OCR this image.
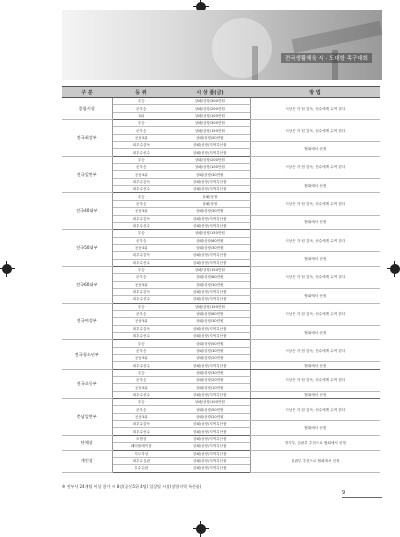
전국생활체육 시 · 도대항 족구대회
구 분	등 위	시 상 품(금)	방 법
종합시상	우승	상패/상장/300만원	시상은 각 팀 감독, 선수에게 수여 한다
	준우승	상패/상장/200만원	
	3위	상패/상장/100만원	
전국최강부	우승	상패/상장/300만원	시상은 각 팀 감독, 선수에게 수여 한다
	준우승	상패/상장/150만원	
	공동3위	상패/상장/50만원	
	최우수감독	상패/상장/지역특산품	협회에서 선정
	최우수선수	상패/상장/지역특산품	
전국일반부	우승	상패/상장/200만원	시상은 각 팀 감독, 선수에게 수여 한다
	준우승	상패/상장/100만원	
	공동3위	상패/상장/30만원	
	최우수감독	상패/상장/지역특산품	협회에서 선정
	최우수선수	상패/상장/지역특산품	
전국40대부	우승	상패/상장	시상은 각 팀 감독, 선수에게 수여 한다
	준우승	상패/상장	
	공동3위	상패/상장/30만원	
	최우수감독	상패/상장/지역특산품	협회에서 선정
	최우수선수	상패/상장/지역특산품	
전국50대부	우승	상패/상장/150만원	시상은 각 팀 감독, 선수에게 수여 한다
	준우승	상패/상장/80만원	
	공동3위	상패/상장/30만원	
	최우수감독	상패/상장/지역특산품	협회에서 선정
	최우수선수	상패/상장/지역특산품	
전국60대부	우승	상패/상장/150만원	시상은 각 팀 감독, 선수에게 수여 한다
	준우승	상패/상장/80만원	
	공동3위	상패/상장/30만원	
	최우수감독	상패/상장/지역특산품	협회에서 선정
	최우수선수	상패/상장/지역특산품	
전국여성부	우승	상패/상장/150만원	시상은 각 팀 감독, 선수에게 수여 한다
	준우승	상패/상장/80만원	
	공동3위	상패/상장/30만원	
	최우수감독	상패/상장/지역특산품	협회에서 선정
	최우수선수	상패/상장/지역특산품	
전국청소년부	우승	상패/상장/50만원	시상은 각 팀 감독, 선수에게 수여 한다
	준우승	상패/상장/30만원	
	공동3위	상패/상장/20만원	
	최우수선수	상패/상장/지역특산품	협회에서 선정
전국초등부	우승	상패/상장/30만원	시상은 각 팀 감독, 선수에게 수여 한다
	준우승	상패/상장/20만원	
	공동3위	상패/상장/10만원	
	최우수선수	상패/상장/지역특산품	협회에서 선정
충남일반부	우승	상패/상장/100만원	시상은 각 팀 감독, 선수에게 수여 한다
	준우승	상패/상장/50만원	
	공동3위	상패/상장/20만원	
	최우수감독	상패/상장/지역특산품	협회에서 선정
	최우수선수	상패/상장/지역특산품	
단체상	모범상	상패/상장/지역특산품	경기부, 심판부 추천으로 협회에서 선정
	페어플레이상	상패/상장/지역특산품	
개인상	지도자상	상패/상장/지역특산품	심판부 추천으로 협회에서 선정
	최우수심판	상패/상장/지역특산품	
	우수심판	상패/상장/지역특산품	
※ 전부서 24개팀 이상 참가 시 8강(공동5위 4팀) 입상팀 시상(장양지역 특산품)
9
